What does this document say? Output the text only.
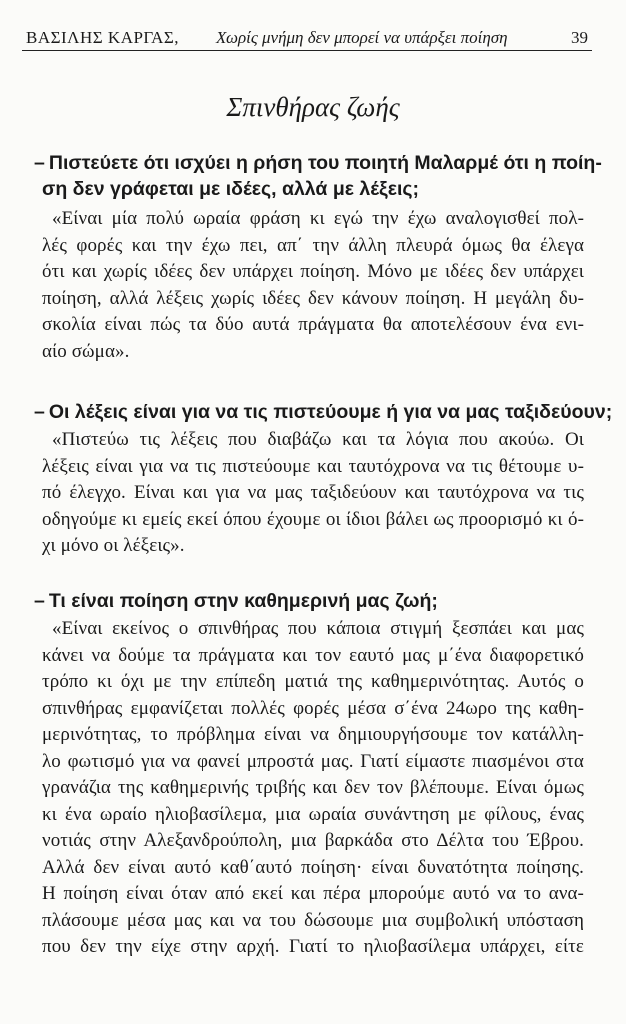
ΒΑΣΙΛΗΣ ΚΑΡΓΑΣ, Χωρίς μνήμη δεν μπορεί να υπάρξει ποίηση	39
Σπινθήρας ζωής
– Πιστεύετε ότι ισχύει η ρήση του ποιητή Μαλαρμέ ότι η ποίη-
ση δεν γράφεται με ιδέες, αλλά με λέξεις;
«Είναι μία πολύ ωραία φράση κι εγώ την έχω αναλογισθεί πολ-
λές φορές και την έχω πει, απ΄ την άλλη πλευρά όμως θα έλεγα
ότι και χωρίς ιδέες δεν υπάρχει ποίηση. Μόνο με ιδέες δεν υπάρχει
ποίηση, αλλά λέξεις χωρίς ιδέες δεν κάνουν ποίηση. Η μεγάλη δυ-
σκολία είναι πώς τα δύο αυτά πράγματα θα αποτελέσουν ένα ενι-
αίο σώμα».
– Οι λέξεις είναι για να τις πιστεύουμε ή για να μας ταξιδεύουν;
«Πιστεύω τις λέξεις που διαβάζω και τα λόγια που ακούω. Οι
λέξεις είναι για να τις πιστεύουμε και ταυτόχρονα να τις θέτουμε υ-
πό έλεγχο. Είναι και για να μας ταξιδεύουν και ταυτόχρονα να τις
οδηγούμε κι εμείς εκεί όπου έχουμε οι ίδιοι βάλει ως προορισμό κι ό-
χι μόνο οι λέξεις».
– Τι είναι ποίηση στην καθημερινή μας ζωή;
«Είναι εκείνος ο σπινθήρας που κάποια στιγμή ξεσπάει και μας
κάνει να δούμε τα πράγματα και τον εαυτό μας μ΄ένα διαφορετικό
τρόπο κι όχι με την επίπεδη ματιά της καθημερινότητας. Αυτός ο
σπινθήρας εμφανίζεται πολλές φορές μέσα σ΄ένα 24ωρο της καθη-
μερινότητας, το πρόβλημα είναι να δημιουργήσουμε τον κατάλλη-
λο φωτισμό για να φανεί μπροστά μας. Γιατί είμαστε πιασμένοι στα
γρανάζια της καθημερινής τριβής και δεν τον βλέπουμε. Είναι όμως
κι ένα ωραίο ηλιοβασίλεμα, μια ωραία συνάντηση με φίλους, ένας
νοτιάς στην Αλεξανδρούπολη, μια βαρκάδα στο Δέλτα του Έβρου.
Αλλά δεν είναι αυτό καθ΄αυτό ποίηση· είναι δυνατότητα ποίησης.
Η ποίηση είναι όταν από εκεί και πέρα μπορούμε αυτό να το ανα-
πλάσουμε μέσα μας και να του δώσουμε μια συμβολική υπόσταση
που δεν την είχε στην αρχή. Γιατί το ηλιοβασίλεμα υπάρχει, είτε
